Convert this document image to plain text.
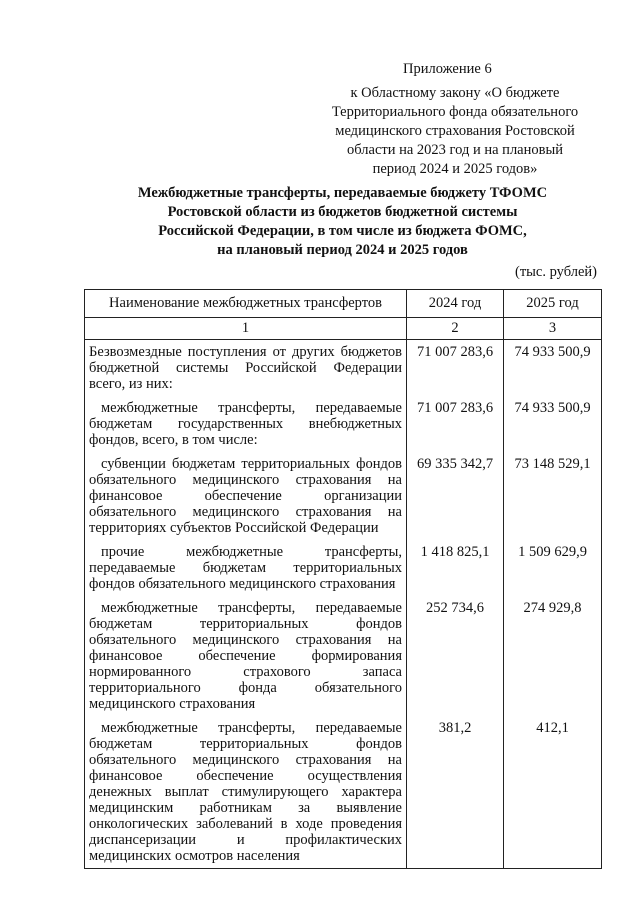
Приложение 6
к Областному закону «О бюджете
Территориального фонда обязательного
медицинского страхования Ростовской
области на 2023 год и на плановый
период 2024 и 2025 годов»
Межбюджетные трансферты, передаваемые бюджету ТФОМС
Ростовской области из бюджетов бюджетной системы
Российской Федерации, в том числе из бюджета ФОМС,
на плановый период 2024 и 2025 годов
(тыс. рублей)
Наименование межбюджетных трансфертов	2024 год	2025 год
1	2	3
Безвозмездные поступления от других бюджетов бюджетной системы Российской Федерации всего, из них:	71 007 283,6	74 933 500,9
межбюджетные трансферты, передаваемые бюджетам государственных внебюджетных фондов, всего, в том числе:	71 007 283,6	74 933 500,9
субвенции бюджетам территориальных фондов обязательного медицинского страхования на финансовое обеспечение организации обязательного медицинского страхования на территориях субъектов Российской Федерации	69 335 342,7	73 148 529,1
прочие межбюджетные трансферты, передаваемые бюджетам территориальных фондов обязательного медицинского страхования	1 418 825,1	1 509 629,9
межбюджетные трансферты, передаваемые бюджетам территориальных фондов обязательного медицинского страхования на финансовое обеспечение формирования нормированного страхового запаса территориального фонда обязательного медицинского страхования	252 734,6	274 929,8
межбюджетные трансферты, передаваемые бюджетам территориальных фондов обязательного медицинского страхования на финансовое обеспечение осуществления денежных выплат стимулирующего характера медицинским работникам за выявление онкологических заболеваний в ходе проведения диспансеризации и профилактических медицинских осмотров населения	381,2	412,1
